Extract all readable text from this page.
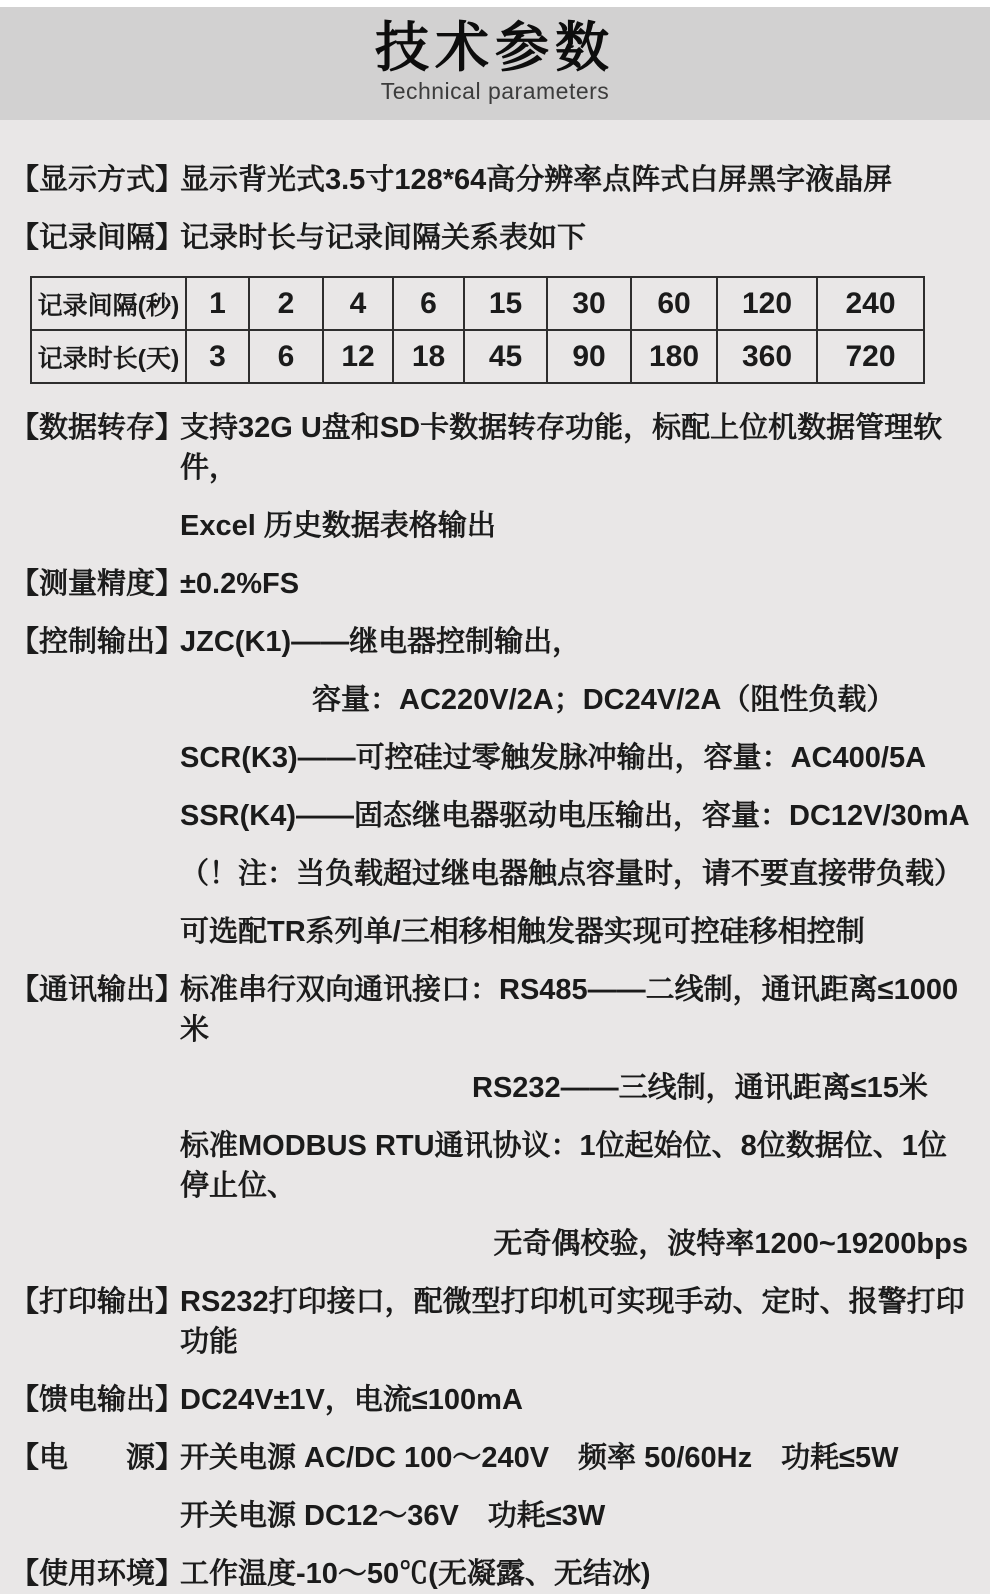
技术参数
Technical parameters
【显示方式】
显示背光式3.5寸128*64高分辨率点阵式白屏黑字液晶屏
【记录间隔】
记录时长与记录间隔关系表如下
记录间隔(秒)	1	2	4	6	15	30	60	120	240
记录时长(天)	3	6	12	18	45	90	180	360	720
【数据转存】
支持32G U盘和SD卡数据转存功能，标配上位机数据管理软件，
Excel 历史数据表格输出
【测量精度】
±0.2%FS
【控制输出】
JZC(K1)——继电器控制输出，
容量：AC220V/2A；DC24V/2A（阻性负载）
SCR(K3)——可控硅过零触发脉冲输出，容量：AC400/5A
SSR(K4)——固态继电器驱动电压输出，容量：DC12V/30mA
（！注：当负载超过继电器触点容量时，请不要直接带负载）
可选配TR系列单/三相移相触发器实现可控硅移相控制
【通讯输出】
标准串行双向通讯接口：RS485——二线制，通讯距离≤1000米
RS232——三线制，通讯距离≤15米
标准MODBUS RTU通讯协议：1位起始位、8位数据位、1位停止位、
无奇偶校验，波特率1200~19200bps
【打印输出】
RS232打印接口，配微型打印机可实现手动、定时、报警打印功能
【馈电输出】
DC24V±1V，电流≤100mA
【电　　源】
开关电源 AC/DC 100～240V　频率 50/60Hz　功耗≤5W
开关电源 DC12～36V　功耗≤3W
【使用环境】
工作温度-10～50℃(无凝露、无结冰)
